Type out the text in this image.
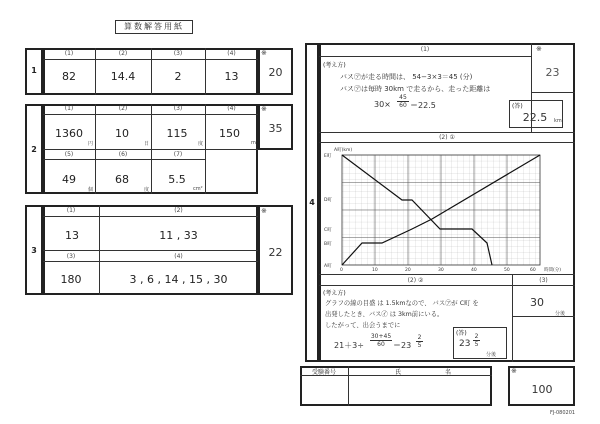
算数解答用紙
1
(1)	(2)	(3)	(4)
82	14.4	2	13
※
20
2
(1)	(2)	(3)	(4)
1360	10	115	150
円	日	度	m
(5)	(6)	(7)
49	68	5.5
個	度	cm²
※
35
3
(1)	(2)
13	11 , 33
(3)	(4)
180	3 , 6 , 14 , 15 , 30
※
22
4
(1)	※
23
(考え方)
バス㋐が走る時間は、 54−3×3＝45 (分)
バス㋐は毎時 30km で走るから、走った距離は
$30\times \frac{45}{60} =22.5$	(答)
22.5	km
(2) ①
A町(km)
E町
D町
C町
B町
A町
0	10	20	30	40	50	60 時間(分)
(2) ②	(3)
(考え方)
グラフの線の目盛 は 1.5kmなので、 バス㋐が C町 を
出発したとき、バス㋑ は 3km前にいる。
したがって、出会うまでに
$21+3\div \frac{30+45}{60} =23$
2
5
(答)
$23 \frac{2}{5}$
分後
30
分後
受験番号	氏	名	※
100
FJ-080201
